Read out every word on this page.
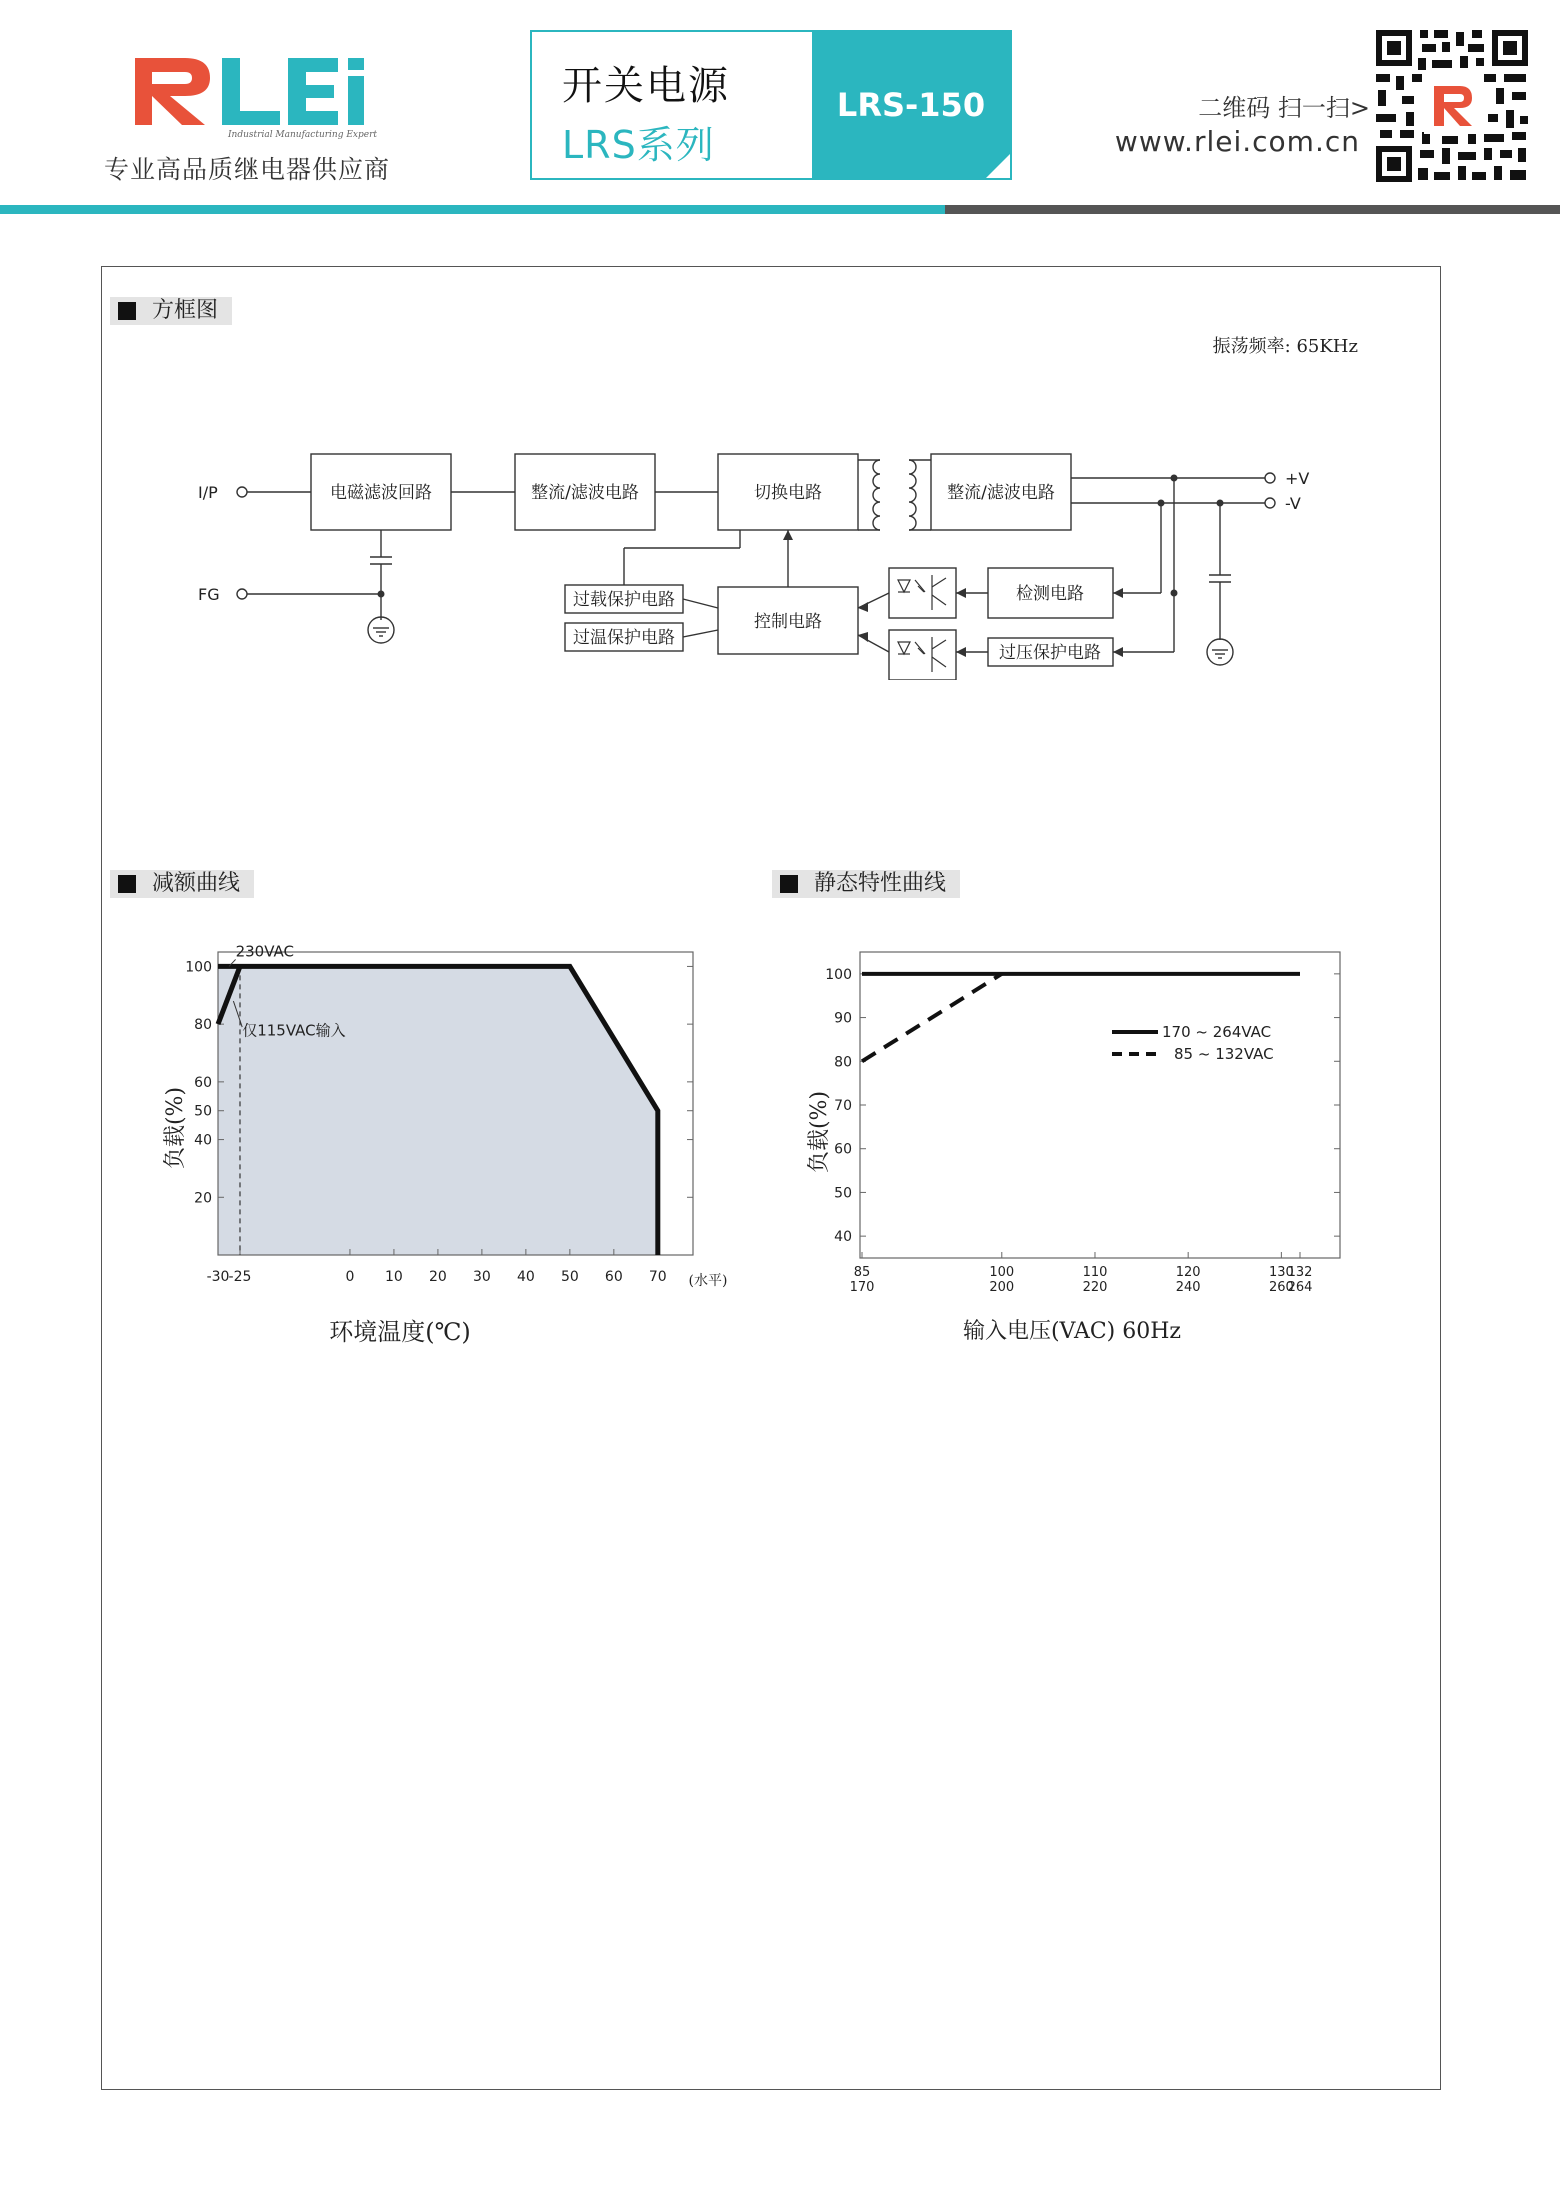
Industrial Manufacturing Expert
专业高品质继电器供应商
开关电源
LRS系列
LRS-150	二维码 扫一扫>
www.rlei.com.cn
方框图
振荡频率: 65KHz
I/P
FG
+V
-V
电磁滤波回路	整流/滤波电路	切换电路	整流/滤波电路
控制电路
过载保护电路
过温保护电路
检测电路
过压保护电路
减额曲线
100
80
60
50
40
20
-30 -25	0 10 20 30 40 50 60 70
230VAC
仅115VAC输入
负载(%)
环境温度(℃)
(水平)
静态特性曲线
100
90
80
70
60
50
40
85
170
100
200
110
220
120
240
130
260
132
264
170 ~ 264VAC
85 ~ 132VAC
负载(%)
输入电压(VAC) 60Hz
